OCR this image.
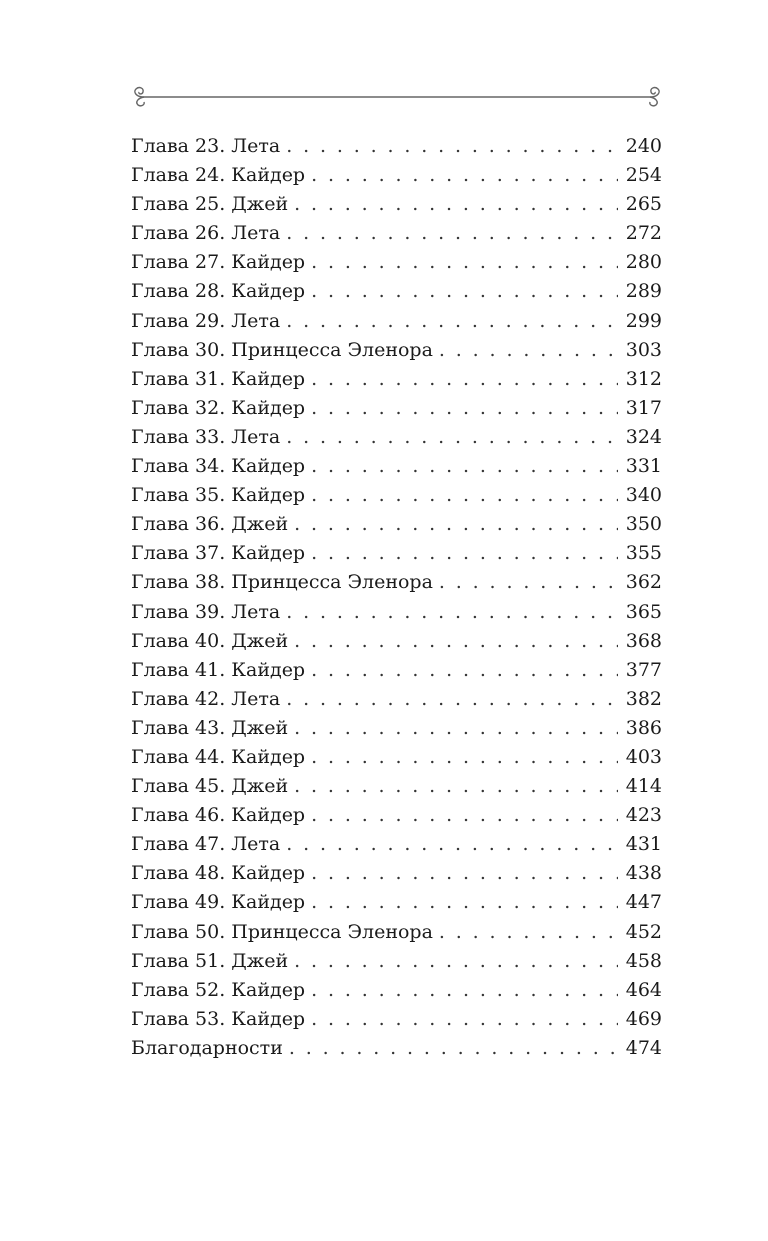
Глава 23. Лета . . .	240
Глава 24. Кайдер . . .	254
Глава 25. Джей . . .	265
Глава 26. Лета . . .	272
Глава 27. Кайдер . . .	280
Глава 28. Кайдер . . .	289
Глава 29. Лета . . .	299
Глава 30. Принцесса Эленора . . .	303
Глава 31. Кайдер . . .	312
Глава 32. Кайдер . . .	317
Глава 33. Лета . . .	324
Глава 34. Кайдер . . .	331
Глава 35. Кайдер . . .	340
Глава 36. Джей . . .	350
Глава 37. Кайдер . . .	355
Глава 38. Принцесса Эленора . . .	362
Глава 39. Лета . . .	365
Глава 40. Джей . . .	368
Глава 41. Кайдер . . .	377
Глава 42. Лета . . .	382
Глава 43. Джей . . .	386
Глава 44. Кайдер . . .	403
Глава 45. Джей . . .	414
Глава 46. Кайдер . . .	423
Глава 47. Лета . . .	431
Глава 48. Кайдер . . .	438
Глава 49. Кайдер . . .	447
Глава 50. Принцесса Эленора . . .	452
Глава 51. Джей . . .	458
Глава 52. Кайдер . . .	464
Глава 53. Кайдер . . .	469
Благодарности . . .	474
